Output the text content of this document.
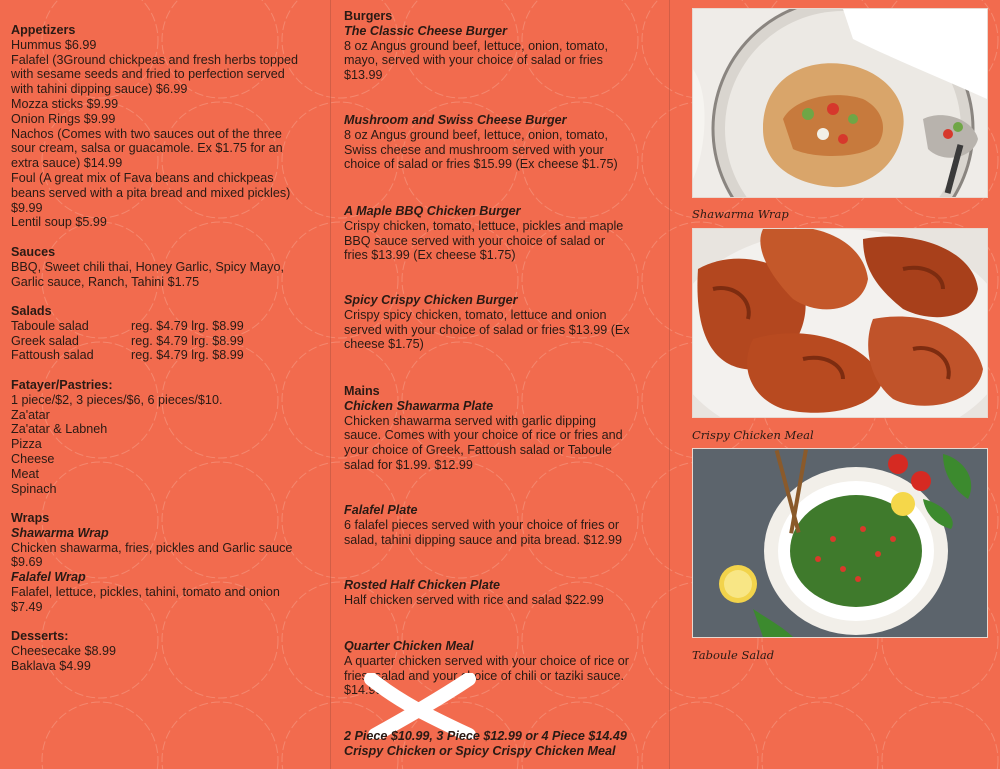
Appetizers
Hummus $6.99
Falafel (3Ground chickpeas and fresh herbs topped
with sesame seeds and fried to perfection served
with tahini dipping sauce) $6.99
Mozza sticks $9.99
Onion Rings $9.99
Nachos (Comes with two sauces out of the three
sour cream, salsa or guacamole. Ex $1.75 for an
extra sauce) $14.99
Foul (A great mix of Fava beans and chickpeas
beans served with a pita bread and mixed pickles)
$9.99
Lentil soup $5.99
Sauces
BBQ, Sweet chili thai, Honey Garlic, Spicy Mayo,
Garlic sauce, Ranch, Tahini $1.75
Salads
Taboule salad	reg. $4.79 lrg. $8.99
Greek salad	reg. $4.79 lrg. $8.99
Fattoush salad	reg. $4.79 lrg. $8.99
Fatayer/Pastries:
1 piece/$2, 3 pieces/$6, 6 pieces/$10.
Za'atar
Za'atar & Labneh
Pizza
Cheese
Meat
Spinach
Wraps
Shawarma Wrap
Chicken shawarma, fries, pickles and Garlic sauce
$9.69
Falafel Wrap
Falafel, lettuce, pickles, tahini, tomato and onion
$7.49
Desserts:
Cheesecake $8.99
Baklava $4.99
Burgers
The Classic Cheese Burger
8 oz Angus ground beef, lettuce, onion, tomato,
mayo, served with your choice of salad or fries
$13.99
Mushroom and Swiss Cheese Burger
8 oz Angus ground beef, lettuce, onion, tomato,
Swiss cheese and mushroom served with your
choice of salad or fries $15.99 (Ex cheese $1.75)
A Maple BBQ Chicken Burger
Crispy chicken, tomato, lettuce, pickles and maple
BBQ sauce served with your choice of salad or
fries $13.99 (Ex cheese $1.75)
Spicy Crispy Chicken Burger
Crispy spicy chicken, tomato, lettuce and onion
served with your choice of salad or fries $13.99 (Ex
cheese $1.75)
Mains
Chicken Shawarma Plate
Chicken shawarma served with garlic dipping
sauce. Comes with your choice of rice or fries and
your choice of Greek, Fattoush salad or Taboule
salad for $1.99. $12.99
Falafel Plate
6 falafel pieces served with your choice of fries or
salad, tahini dipping sauce and pita bread. $12.99
Rosted Half Chicken Plate
Half chicken served with rice and salad $22.99
Quarter Chicken Meal
A quarter chicken served with your choice of rice or
fries, salad and your choice of chili or taziki sauce.
$14.99
2 Piece $10.99, 3 Piece $12.99 or 4 Piece $14.49
Crispy Chicken or Spicy Crispy Chicken Meal
Shawarma Wrap
Crispy Chicken Meal
Taboule Salad
